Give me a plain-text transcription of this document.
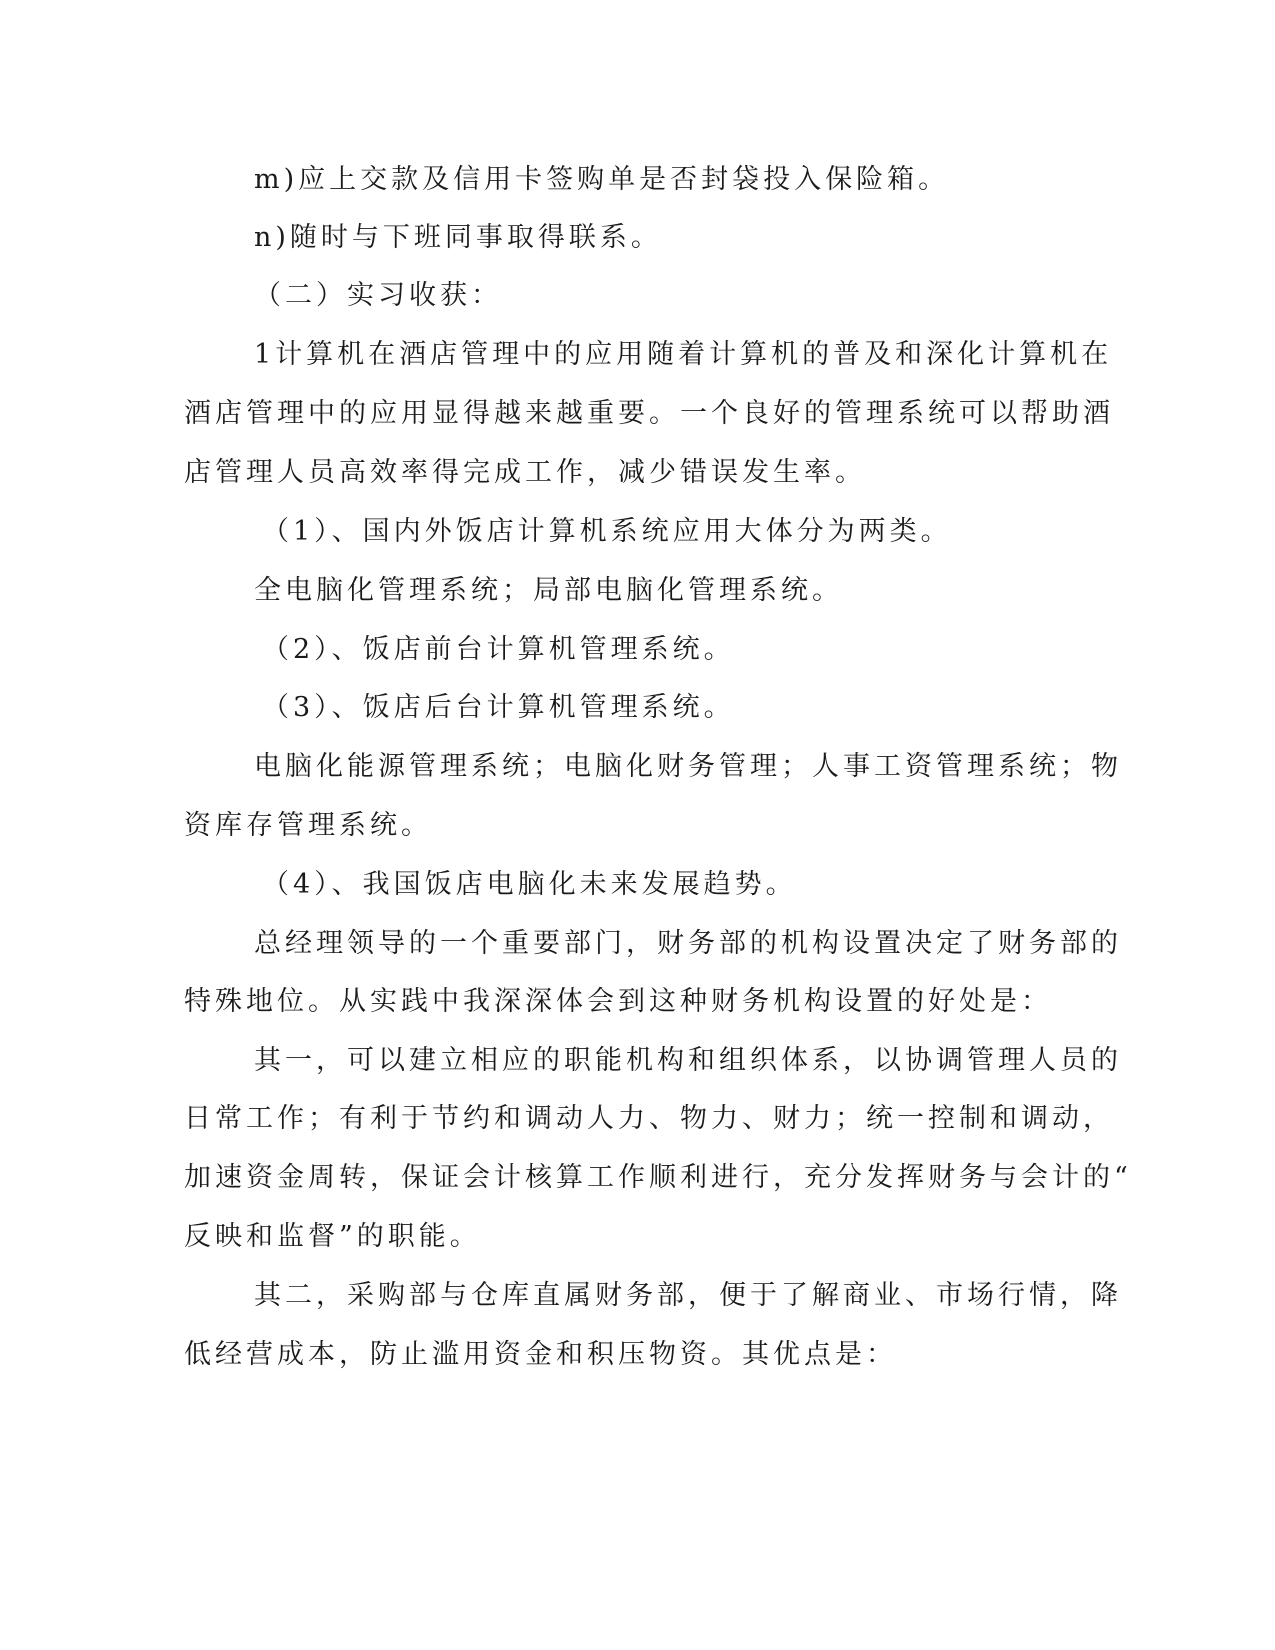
m)应上交款及信用卡签购单是否封袋投入保险箱。
n)随时与下班同事取得联系。
（二）实习收获：
1计算机在酒店管理中的应用随着计算机的普及和深化计算机在
酒店管理中的应用显得越来越重要。一个良好的管理系统可以帮助酒
店管理人员高效率得完成工作，减少错误发生率。
（1）、国内外饭店计算机系统应用大体分为两类。
全电脑化管理系统；局部电脑化管理系统。
（2）、饭店前台计算机管理系统。
（3）、饭店后台计算机管理系统。
电脑化能源管理系统；电脑化财务管理；人事工资管理系统；物
资库存管理系统。
（4）、我国饭店电脑化未来发展趋势。
总经理领导的一个重要部门，财务部的机构设置决定了财务部的
特殊地位。从实践中我深深体会到这种财务机构设置的好处是：
其一，可以建立相应的职能机构和组织体系，以协调管理人员的
日常工作；有利于节约和调动人力、物力、财力；统一控制和调动，
加速资金周转，保证会计核算工作顺利进行，充分发挥财务与会计的“
反映和监督”的职能。
其二，采购部与仓库直属财务部，便于了解商业、市场行情，降
低经营成本，防止滥用资金和积压物资。其优点是：
